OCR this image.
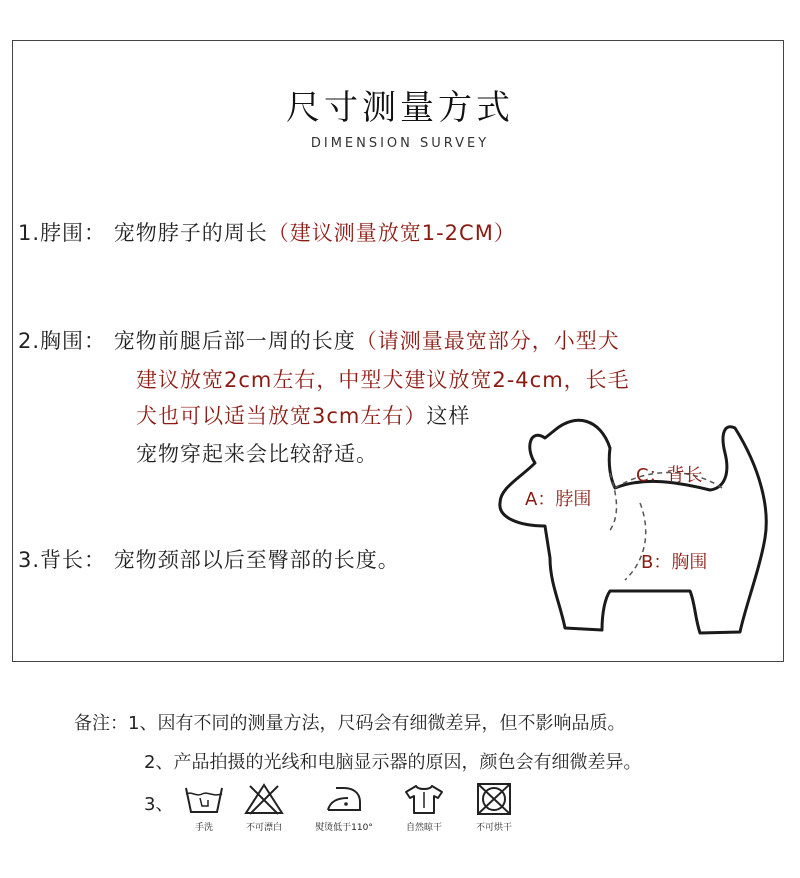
尺寸测量方式
DIMENSION SURVEY
1.脖围： 宠物脖子的周长（建议测量放宽1-2CM）
2.胸围： 宠物前腿后部一周的长度（请测量最宽部分，小型犬
建议放宽2cm左右，中型犬建议放宽2-4cm，长毛
犬也可以适当放宽3cm左右）这样
宠物穿起来会比较舒适。
3.背长： 宠物颈部以后至臀部的长度。
A：脖围
C：背长
B：胸围
备注：1、因有不同的测量方法，尺码会有细微差异，但不影响品质。
2、产品拍摄的光线和电脑显示器的原因，颜色会有细微差异。
3、
手洗	不可漂白	熨烫低于110°	自然晾干	不可烘干
